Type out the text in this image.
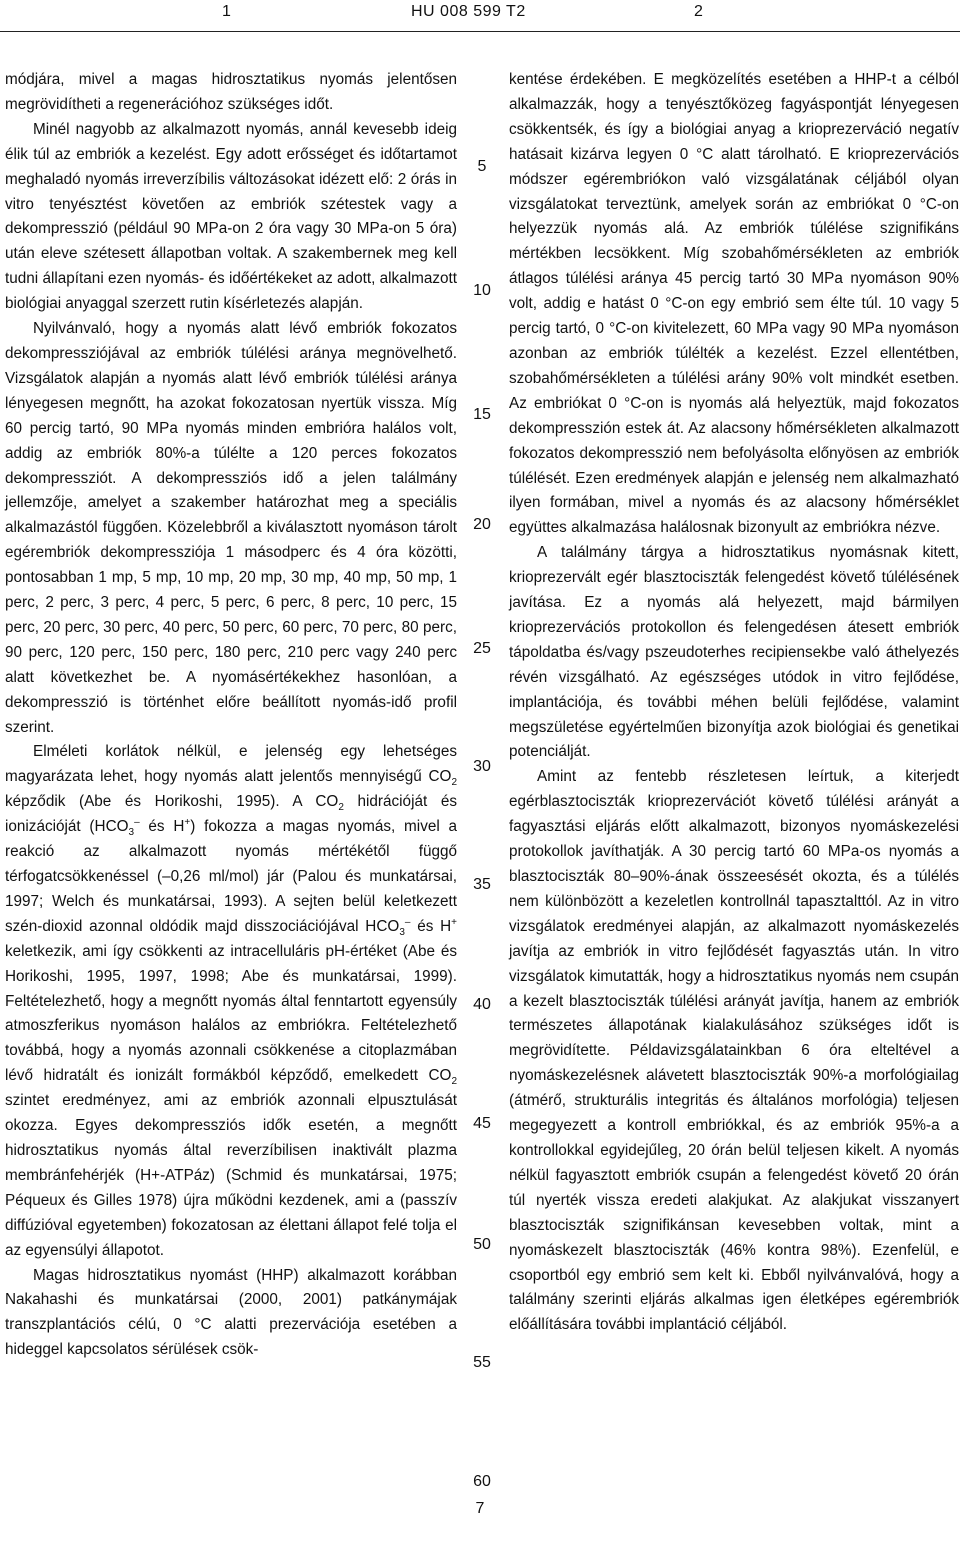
1	HU 008 599 T2	2

módjára, mivel a magas hidrosztatikus nyomás jelentősen megrövidítheti a regenerációhoz szükséges időt.

Minél nagyobb az alkalmazott nyomás, annál kevesebb ideig élik túl az embriók a kezelést. Egy adott erősséget és időtartamot meghaladó nyomás irreverzíbilis változásokat idézett elő: 2 órás in vitro tenyésztést követően az embriók szétestek vagy a dekompresszió (például 90 MPa-on 2 óra vagy 30 MPa-on 5 óra) után eleve szétesett állapotban voltak. A szakembernek meg kell tudni állapítani ezen nyomás- és időértékeket az adott, alkalmazott biológiai anyaggal szerzett rutin kísérletezés alapján.

Nyilvánvaló, hogy a nyomás alatt lévő embriók fokozatos dekompressziójával az embriók túlélési aránya megnövelhető. Vizsgálatok alapján a nyomás alatt lévő embriók túlélési aránya lényegesen megnőtt, ha azokat fokozatosan nyertük vissza. Míg 60 percig tartó, 90 MPa nyomás minden embrióra halálos volt, addig az embriók 80%-a túlélte a 120 perces fokozatos dekompressziót. A dekompressziós idő a jelen találmány jellemzője, amelyet a szakember határozhat meg a speciális alkalmazástól függően. Közelebbről a kiválasztott nyomáson tárolt egérembriók dekompressziója 1 másodperc és 4 óra közötti, pontosabban 1 mp, 5 mp, 10 mp, 20 mp, 30 mp, 40 mp, 50 mp, 1 perc, 2 perc, 3 perc, 4 perc, 5 perc, 6 perc, 8 perc, 10 perc, 15 perc, 20 perc, 30 perc, 40 perc, 50 perc, 60 perc, 70 perc, 80 perc, 90 perc, 120 perc, 150 perc, 180 perc, 210 perc vagy 240 perc alatt következhet be. A nyomásértékekhez hasonlóan, a dekompresszió is történhet előre beállított nyomás-idő profil szerint.

Elméleti korlátok nélkül, e jelenség egy lehetséges magyarázata lehet, hogy nyomás alatt jelentős mennyiségű $CO_2$ képződik (Abe és Horikoshi, 1995). A $CO_2$ hidrációját és ionizációját ($HCO_3^-$ és H+) fokozza a magas nyomás, mivel a reakció az alkalmazott nyomás mértékétől függő térfogatcsökkenéssel (–0,26 ml/mol) jár (Palou és munkatársai, 1997; Welch és munkatársai, 1993). A sejten belül keletkezett szén-dioxid azonnal oldódik majd disszociációjával $HCO_3^-$ és H+ keletkezik, ami így csökkenti az intracelluláris pH-értéket (Abe és Horikoshi, 1995, 1997, 1998; Abe és munkatársai, 1999). Feltételezhető, hogy a megnőtt nyomás által fenntartott egyensúly atmoszferikus nyomáson halálos az embriókra. Feltételezhető továbbá, hogy a nyomás azonnali csökkenése a citoplazmában lévő hidratált és ionizált formákból képződő, emelkedett $CO_2$ szintet eredményez, ami az embriók azonnali elpusztulását okozza. Egyes dekompressziós idők esetén, a megnőtt hidrosztatikus nyomás által reverzíbilisen inaktivált plazma membránfehérjék (H+-ATPáz) (Schmid és munkatársai, 1975; Péqueux és Gilles 1978) újra működni kezdenek, ami a (passzív diffúzióval egyetemben) fokozatosan az élettani állapot felé tolja el az egyensúlyi állapotot.

Magas hidrosztatikus nyomást (HHP) alkalmazott korábban Nakahashi és munkatársai (2000, 2001) patkánymájak transzplantációs célú, 0 °C alatti prezervációja esetében a hideggel kapcsolatos sérülések csök-

5
10
15
20
25
30
35
40
45
50
55
60

kentése érdekében. E megközelítés esetében a HHP-t a célból alkalmazzák, hogy a tenyésztőközeg fagyáspontját lényegesen csökkentsék, és így a biológiai anyag a krioprezerváció negatív hatásait kizárva legyen 0 °C alatt tárolható. E krioprezervációs módszer egérembriókon való vizsgálatának céljából olyan vizsgálatokat terveztünk, amelyek során az embriókat 0 °C-on helyezzük nyomás alá. Az embriók túlélése szignifikáns mértékben lecsökkent. Míg szobahőmérsékleten az embriók átlagos túlélési aránya 45 percig tartó 30 MPa nyomáson 90% volt, addig e hatást 0 °C-on egy embrió sem élte túl. 10 vagy 5 percig tartó, 0 °C-on kivitelezett, 60 MPa vagy 90 MPa nyomáson azonban az embriók túlélték a kezelést. Ezzel ellentétben, szobahőmérsékleten a túlélési arány 90% volt mindkét esetben. Az embriókat 0 °C-on is nyomás alá helyeztük, majd fokozatos dekompresszión estek át. Az alacsony hőmérsékleten alkalmazott fokozatos dekompresszió nem befolyásolta előnyösen az embriók túlélését. Ezen eredmények alapján e jelenség nem alkalmazható ilyen formában, mivel a nyomás és az alacsony hőmérséklet együttes alkalmazása halálosnak bizonyult az embriókra nézve.

A találmány tárgya a hidrosztatikus nyomásnak kitett, krioprezervált egér blasztociszták felengedést követő túlélésének javítása. Ez a nyomás alá helyezett, majd bármilyen krioprezervációs protokollon és felengedésen átesett embriók tápoldatba és/vagy pszeudoterhes recipiensekbe való áthelyezés révén vizsgálható. Az egészséges utódok in vitro fejlődése, implantációja, és további méhen belüli fejlődése, valamint megszületése egyértelműen bizonyítja azok biológiai és genetikai potenciálját.

Amint az fentebb részletesen leírtuk, a kiterjedt egérblasztociszták krioprezervációt követő túlélési arányát a fagyasztási eljárás előtt alkalmazott, bizonyos nyomáskezelési protokollok javíthatják. A 30 percig tartó 60 MPa-os nyomás a blasztociszták 80–90%-ának összeesését okozta, és a túlélés nem különbözött a kezeletlen kontrollnál tapasztalttól. Az in vitro vizsgálatok eredményei alapján, az alkalmazott nyomáskezelés javítja az embriók in vitro fejlődését fagyasztás után. In vitro vizsgálatok kimutatták, hogy a hidrosztatikus nyomás nem csupán a kezelt blasztociszták túlélési arányát javítja, hanem az embriók természetes állapotának kialakulásához szükséges időt is megrövidítette. Példavizsgálatainkban 6 óra elteltével a nyomáskezelésnek alávetett blasztociszták 90%-a morfológiailag (átmérő, strukturális integritás és általános morfológia) teljesen megegyezett a kontroll embriókkal, és az embriók 95%-a a kontrollokkal egyidejűleg, 20 órán belül teljesen kikelt. A nyomás nélkül fagyasztott embriók csupán a felengedést követő 20 órán túl nyerték vissza eredeti alakjukat. Az alakjukat visszanyert blasztociszták szignifikánsan kevesebben voltak, mint a nyomáskezelt blasztociszták (46% kontra 98%). Ezenfelül, e csoportból egy embrió sem kelt ki. Ebből nyilvánvalóvá, hogy a találmány szerinti eljárás alkalmas igen életképes egérembriók előállítására további implantáció céljából.

7
